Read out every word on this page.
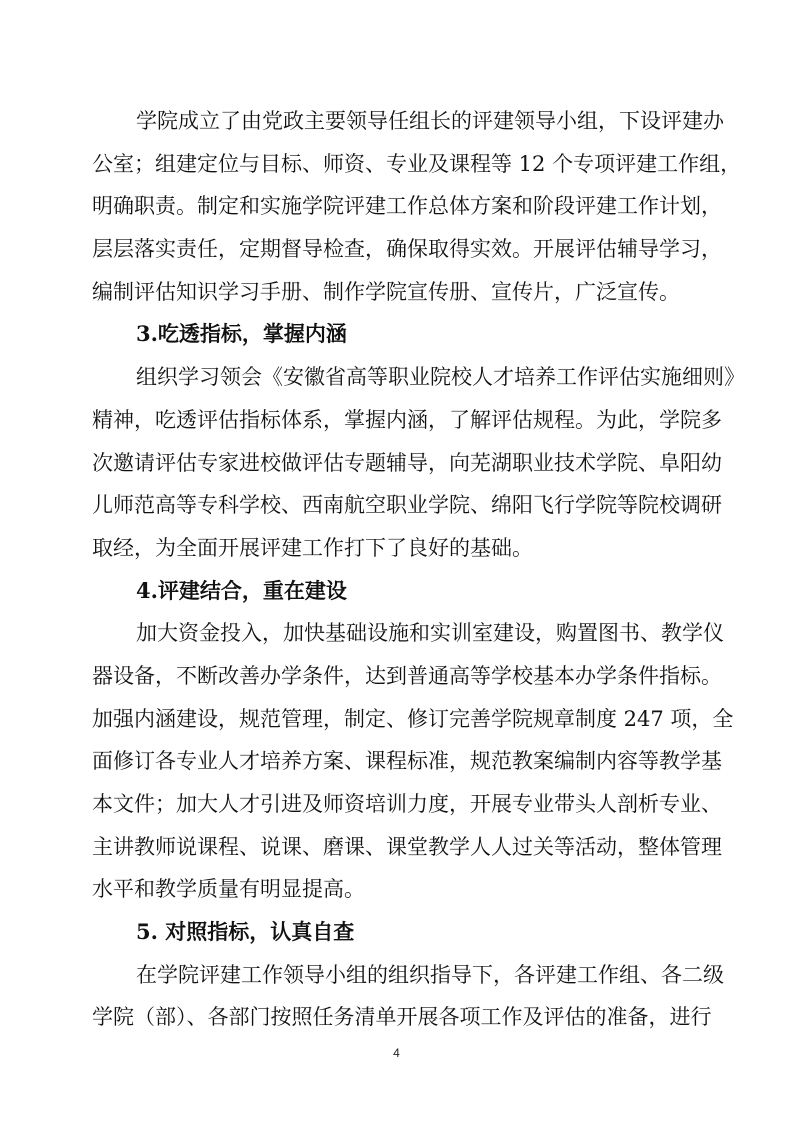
学院成立了由党政主要领导任组长的评建领导小组，下设评建办
公室；组建定位与目标、师资、专业及课程等 12 个专项评建工作组，
明确职责。制定和实施学院评建工作总体方案和阶段评建工作计划，
层层落实责任，定期督导检查，确保取得实效。开展评估辅导学习，
编制评估知识学习手册、制作学院宣传册、宣传片，广泛宣传。
3.吃透指标，掌握内涵
组织学习领会《安徽省高等职业院校人才培养工作评估实施细则》
精神，吃透评估指标体系，掌握内涵，了解评估规程。为此，学院多
次邀请评估专家进校做评估专题辅导，向芜湖职业技术学院、阜阳幼
儿师范高等专科学校、西南航空职业学院、绵阳飞行学院等院校调研
取经，为全面开展评建工作打下了良好的基础。
4.评建结合，重在建设
加大资金投入，加快基础设施和实训室建设，购置图书、教学仪
器设备，不断改善办学条件，达到普通高等学校基本办学条件指标。
加强内涵建设，规范管理，制定、修订完善学院规章制度 247 项，全
面修订各专业人才培养方案、课程标准，规范教案编制内容等教学基
本文件；加大人才引进及师资培训力度，开展专业带头人剖析专业、
主讲教师说课程、说课、磨课、课堂教学人人过关等活动，整体管理
水平和教学质量有明显提高。
5. 对照指标，认真自查
在学院评建工作领导小组的组织指导下，各评建工作组、各二级
学院（部）、各部门按照任务清单开展各项工作及评估的准备，进行
4
